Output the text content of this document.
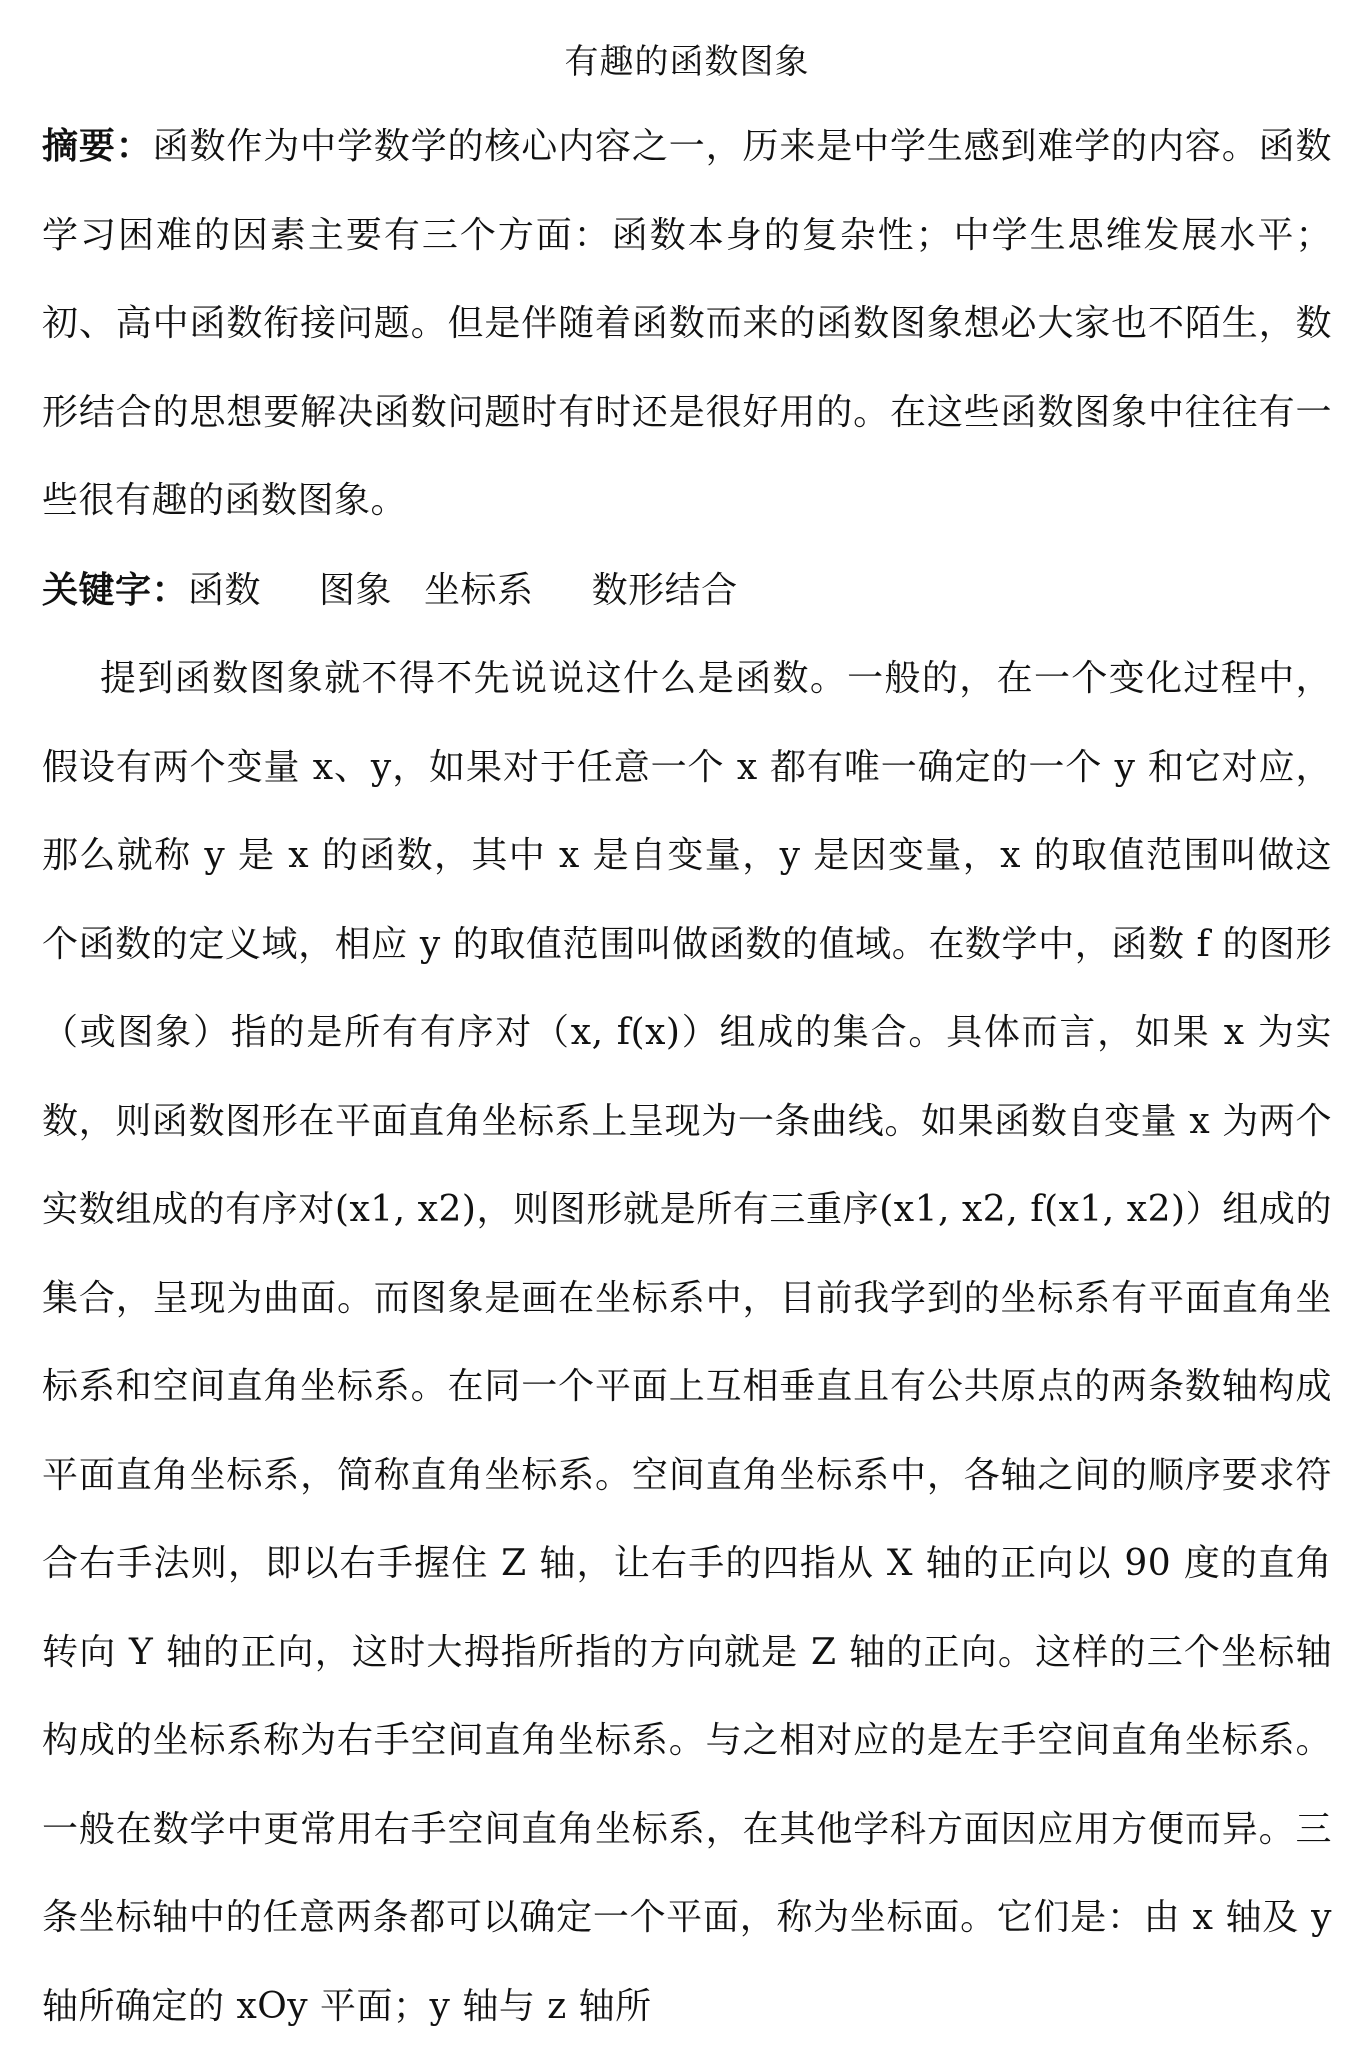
有趣的函数图象

摘要：函数作为中学数学的核心内容之一，历来是中学生感到难学的内容。函数学习困难的因素主要有三个方面：函数本身的复杂性；中学生思维发展水平；初、高中函数衔接问题。但是伴随着函数而来的函数图象想必大家也不陌生，数形结合的思想要解决函数问题时有时还是很好用的。在这些函数图象中往往有一些很有趣的函数图象。

关键字：函数 图象 坐标系 数形结合

提到函数图象就不得不先说说这什么是函数。一般的，在一个变化过程中，假设有两个变量 x、y，如果对于任意一个 x 都有唯一确定的一个 y 和它对应，那么就称 y 是 x 的函数，其中 x 是自变量，y 是因变量，x 的取值范围叫做这个函数的定义域，相应 y 的取值范围叫做函数的值域。在数学中，函数 f 的图形（或图象）指的是所有有序对（x, f(x)）组成的集合。具体而言，如果 x 为实数，则函数图形在平面直角坐标系上呈现为一条曲线。如果函数自变量 x 为两个实数组成的有序对(x1, x2)，则图形就是所有三重序(x1, x2, f(x1, x2)）组成的集合，呈现为曲面。而图象是画在坐标系中，目前我学到的坐标系有平面直角坐标系和空间直角坐标系。在同一个平面上互相垂直且有公共原点的两条数轴构成平面直角坐标系，简称直角坐标系。空间直角坐标系中，各轴之间的顺序要求符合右手法则，即以右手握住 Z 轴，让右手的四指从 X 轴的正向以 90 度的直角转向 Y 轴的正向，这时大拇指所指的方向就是 Z 轴的正向。这样的三个坐标轴构成的坐标系称为右手空间直角坐标系。与之相对应的是左手空间直角坐标系。一般在数学中更常用右手空间直角坐标系，在其他学科方面因应用方便而异。三条坐标轴中的任意两条都可以确定一个平面，称为坐标面。它们是：由 x 轴及 y 轴所确定的 xOy 平面；y 轴与 z 轴所
